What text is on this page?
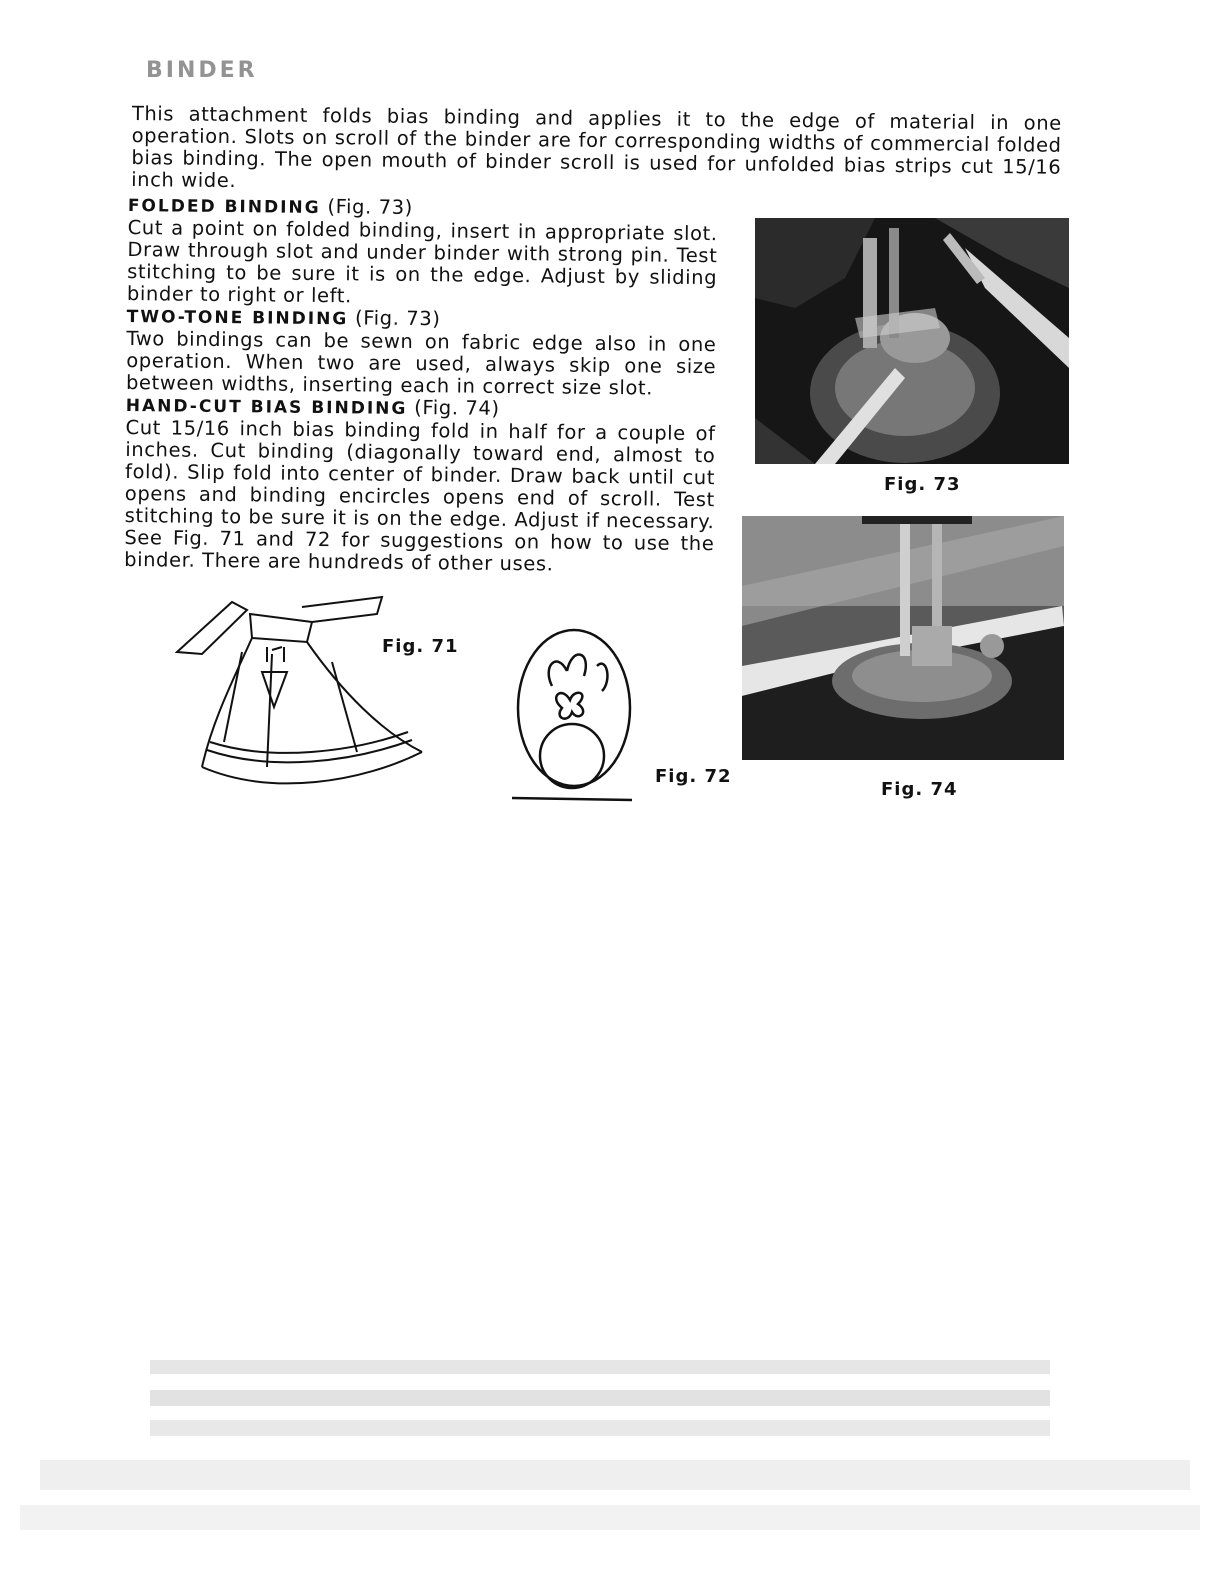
BINDER
This attachment folds bias binding and applies it to the edge of material in one operation. Slots on scroll of the binder are for corresponding widths of commercial folded bias binding. The open mouth of binder scroll is used for unfolded bias strips cut 15/16 inch wide.

FOLDED BINDING (Fig. 73)
Cut a point on folded binding, insert in appropriate slot. Draw through slot and under binder with strong pin. Test stitching to be sure it is on the edge. Adjust by sliding binder to right or left.

TWO-TONE BINDING (Fig. 73)
Two bindings can be sewn on fabric edge also in one operation. When two are used, always skip one size between widths, inserting each in correct size slot.

HAND-CUT BIAS BINDING (Fig. 74)
Cut 15/16 inch bias binding fold in half for a couple of inches. Cut binding (diagonally toward end, almost to fold). Slip fold into center of binder. Draw back until cut opens and binding encircles opens end of scroll. Test stitching to be sure it is on the edge. Adjust if necessary.

See Fig. 71 and 72 for suggestions on how to use the binder. There are hundreds of other uses.

Fig. 73
Fig. 74
Fig. 71
Fig. 72
